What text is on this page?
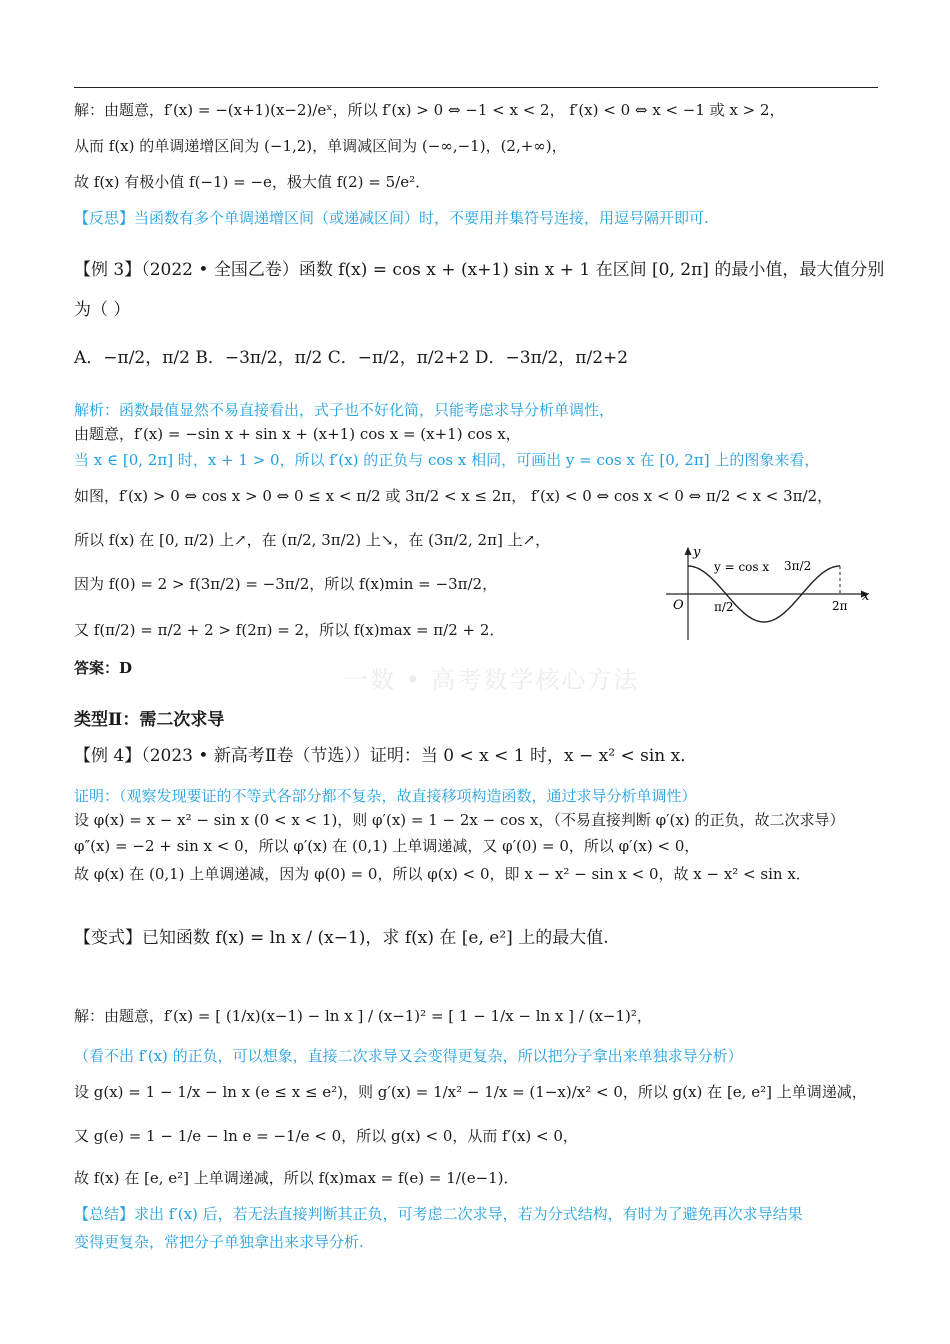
解：由题意，f′(x) = −(x+1)(x−2)/eˣ，所以 f′(x) > 0 ⇔ −1 < x < 2， f′(x) < 0 ⇔ x < −1 或 x > 2，
从而 f(x) 的单调递增区间为 (−1,2)，单调减区间为 (−∞,−1)，(2,+∞)，
故 f(x) 有极小值 f(−1) = −e，极大值 f(2) = 5/e²．
【反思】当函数有多个单调递增区间（或递减区间）时，不要用并集符号连接，用逗号隔开即可.
【例 3】（2022 • 全国乙卷）函数 f(x) = cos x + (x+1) sin x + 1 在区间 [0, 2π] 的最小值，最大值分别
为（ ）
A．−π/2，π/2 B．−3π/2，π/2 C．−π/2，π/2+2 D．−3π/2，π/2+2
解析：函数最值显然不易直接看出，式子也不好化简，只能考虑求导分析单调性，
由题意，f′(x) = −sin x + sin x + (x+1) cos x = (x+1) cos x，
当 x ∈ [0, 2π] 时，x + 1 > 0，所以 f′(x) 的正负与 cos x 相同，可画出 y = cos x 在 [0, 2π] 上的图象来看，
如图，f′(x) > 0 ⇔ cos x > 0 ⇔ 0 ≤ x < π/2 或 3π/2 < x ≤ 2π， f′(x) < 0 ⇔ cos x < 0 ⇔ π/2 < x < 3π/2，
所以 f(x) 在 [0, π/2) 上↗，在 (π/2, 3π/2) 上↘，在 (3π/2, 2π] 上↗，
因为 f(0) = 2 > f(3π/2) = −3π/2，所以 f(x)min = −3π/2，
又 f(π/2) = π/2 + 2 > f(2π) = 2，所以 f(x)max = π/2 + 2．
答案：D
类型Ⅱ：需二次求导
【例 4】（2023 • 新高考Ⅱ卷（节选））证明：当 0 < x < 1 时，x − x² < sin x．
证明：（观察发现要证的不等式各部分都不复杂，故直接移项构造函数，通过求导分析单调性）
设 φ(x) = x − x² − sin x (0 < x < 1)，则 φ′(x) = 1 − 2x − cos x，（不易直接判断 φ′(x) 的正负，故二次求导）
φ″(x) = −2 + sin x < 0，所以 φ′(x) 在 (0,1) 上单调递减，又 φ′(0) = 0，所以 φ′(x) < 0，
故 φ(x) 在 (0,1) 上单调递减，因为 φ(0) = 0，所以 φ(x) < 0，即 x − x² − sin x < 0，故 x − x² < sin x．
【变式】已知函数 f(x) = ln x / (x−1)，求 f(x) 在 [e, e²] 上的最大值.
解：由题意，f′(x) = [ (1/x)(x−1) − ln x ] / (x−1)² = [ 1 − 1/x − ln x ] / (x−1)²，
（看不出 f′(x) 的正负，可以想象，直接二次求导又会变得更复杂，所以把分子拿出来单独求导分析）
设 g(x) = 1 − 1/x − ln x (e ≤ x ≤ e²)，则 g′(x) = 1/x² − 1/x = (1−x)/x² < 0，所以 g(x) 在 [e, e²] 上单调递减，
又 g(e) = 1 − 1/e − ln e = −1/e < 0，所以 g(x) < 0，从而 f′(x) < 0，
故 f(x) 在 [e, e²] 上单调递减，所以 f(x)max = f(e) = 1/(e−1)．
【总结】求出 f′(x) 后，若无法直接判断其正负，可考虑二次求导，若为分式结构，有时为了避免再次求导结果
变得更复杂，常把分子单独拿出来求导分析.
一数 • 高考数学核心方法
y
x
O
y = cos x
π/2
3π/2
2π
